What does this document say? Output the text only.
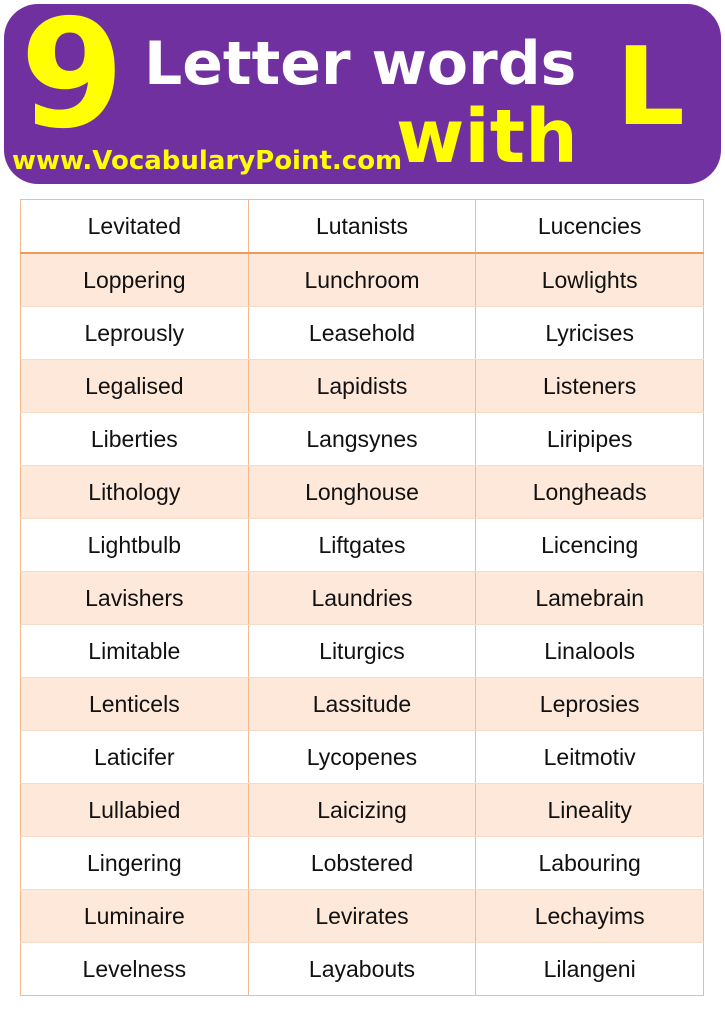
9 Letter words
with L
www.VocabularyPoint.com
Levitated	Lutanists	Lucencies
Loppering	Lunchroom	Lowlights
Leprously	Leasehold	Lyricises
Legalised	Lapidists	Listeners
Liberties	Langsynes	Liripipes
Lithology	Longhouse	Longheads
Lightbulb	Liftgates	Licencing
Lavishers	Laundries	Lamebrain
Limitable	Liturgics	Linalools
Lenticels	Lassitude	Leprosies
Laticifer	Lycopenes	Leitmotiv
Lullabied	Laicizing	Lineality
Lingering	Lobstered	Labouring
Luminaire	Levirates	Lechayims
Levelness	Layabouts	Lilangeni
